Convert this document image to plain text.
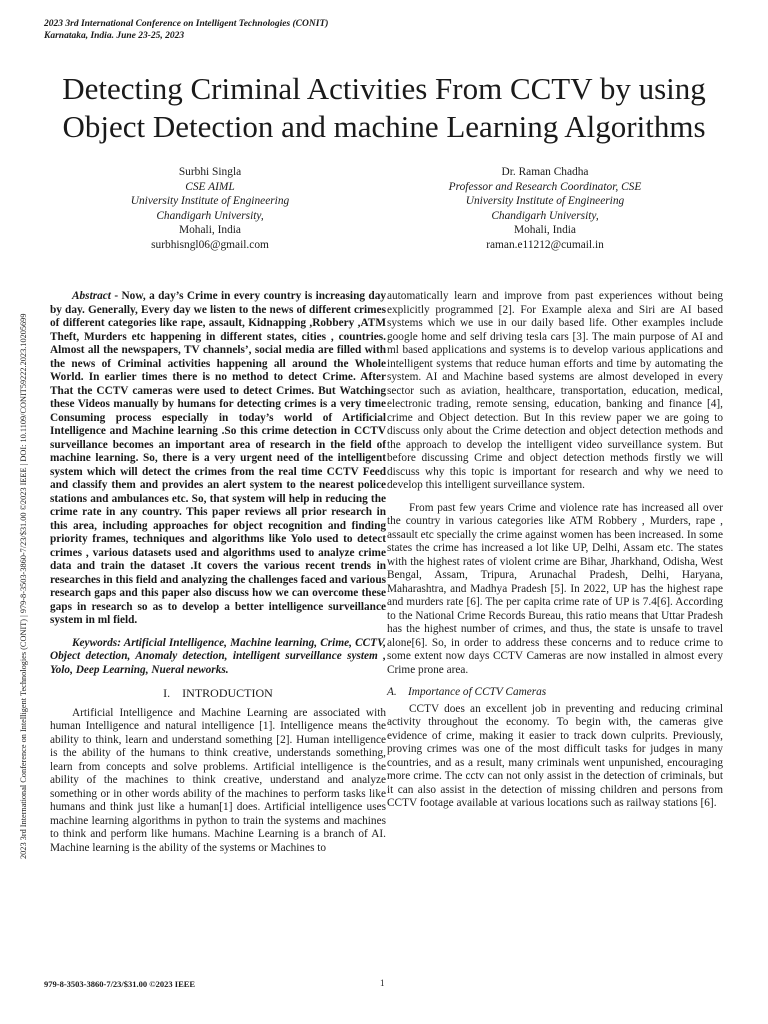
2023 3rd International Conference on Intelligent Technologies (CONIT)
Karnataka, India. June 23-25, 2023
2023 3rd International Conference on Intelligent Technologies (CONIT) | 979-8-3503-3860-7/23/$31.00 ©2023 IEEE | DOI: 10.1109/CONIT59222.2023.10205699
Detecting Criminal Activities From CCTV by using
Object Detection and machine Learning Algorithms
Surbhi Singla
CSE AIML
University Institute of Engineering
Chandigarh University,
Mohali, India
surbhisngl06@gmail.com
Dr. Raman Chadha
Professor and Research Coordinator, CSE
University Institute of Engineering
Chandigarh University,
Mohali, India
raman.e11212@cumail.in

Abstract - Now, a day’s Crime in every country is increasing day by day. Generally, Every day we listen to the news of different crimes of different categories like rape, assault, Kidnapping ,Robbery ,ATM Theft, Murders etc happening in different states, cities , countries. Almost all the newspapers, TV channels’, social media are filled with the news of Criminal activities happening all around the Whole World. In earlier times there is no method to detect Crime. After That the CCTV cameras were used to detect Crimes. But Watching these Videos manually by humans for detecting crimes is a very time Consuming process especially in today’s world of Artificial Intelligence and Machine learning .So this crime detection in CCTV surveillance becomes an important area of research in the field of machine learning. So, there is a very urgent need of the intelligent system which will detect the crimes from the real time CCTV Feed and classify them and provides an alert system to the nearest police stations and ambulances etc. So, that system will help in reducing the crime rate in any country. This paper reviews all prior research in this area, including approaches for object recognition and finding priority frames, techniques and algorithms like Yolo used to detect crimes , various datasets used and algorithms used to analyze crime data and train the dataset .It covers the various recent trends in researches in this field and analyzing the challenges faced and various research gaps and this paper also discuss how we can overcome these gaps in research so as to develop a better intelligence surveillance system in ml field.

Keywords: Artificial Intelligence, Machine learning, Crime, CCTV, Object detection, Anomaly detection, intelligent surveillance system , Yolo, Deep Learning, Nueral neworks.

I. INTRODUCTION

Artificial Intelligence and Machine Learning are associated with human Intelligence and natural intelligence [1]. Intelligence means the ability to think, learn and understand something [2]. Human intelligence is the ability of the humans to think creative, understands something, learn from concepts and solve problems. Artificial intelligence is the ability of the machines to think creative, understand and analyze something or in other words ability of the machines to perform tasks like humans and think just like a human[1] does. Artificial intelligence uses machine learning algorithms in python to train the systems and machines to think and perform like humans. Machine Learning is a branch of AI. Machine learning is the ability of the systems or Machines to

automatically learn and improve from past experiences without being explicitly programmed [2]. For Example alexa and Siri are AI based systems which we use in our daily based life. Other examples include google home and self driving tesla cars [3]. The main purpose of AI and ml based applications and systems is to develop various applications and intelligent systems that reduce human efforts and time by automating the system. AI and Machine based systems are almost developed in every sector such as aviation, healthcare, transportation, education, medical, electronic trading, remote sensing, education, banking and finance [4], crime and Object detection. But In this review paper we are going to discuss only about the Crime detection and object detection methods and the approach to develop the intelligent video surveillance system. But before discussing Crime and object detection methods firstly we will discuss why this topic is important for research and why we need to develop this intelligent surveillance system.

From past few years Crime and violence rate has increased all over the country in various categories like ATM Robbery , Murders, rape , assault etc specially the crime against women has been increased. In some states the crime has increased a lot like UP, Delhi, Assam etc. The states with the highest rates of violent crime are Bihar, Jharkhand, Odisha, West Bengal, Assam, Tripura, Arunachal Pradesh, Delhi, Haryana, Maharashtra, and Madhya Pradesh [5]. In 2022, UP has the highest rape and murders rate [6]. The per capita crime rate of UP is 7.4[6]. According to the National Crime Records Bureau, this ratio means that Uttar Pradesh has the highest number of crimes, and thus, the state is unsafe to travel alone[6]. So, in order to address these concerns and to reduce crime to some extent now days CCTV Cameras are now installed in almost every Crime prone area.

A. Importance of CCTV Cameras

CCTV does an excellent job in preventing and reducing criminal activity throughout the economy. To begin with, the cameras give evidence of crime, making it easier to track down culprits. Previously, proving crimes was one of the most difficult tasks for judges in many countries, and as a result, many criminals went unpunished, encouraging more crime. The cctv can not only assist in the detection of criminals, but it can also assist in the detection of missing children and persons from CCTV footage available at various locations such as railway stations [6].

979-8-3503-3860-7/23/$31.00 ©2023 IEEE	1
